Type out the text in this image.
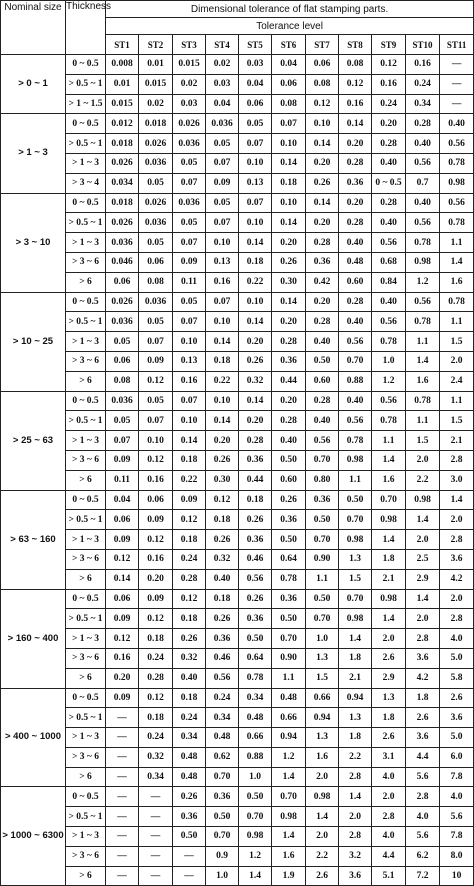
Nominal size	Thickness	Dimensional tolerance of flat stamping parts.										
		Tolerance level										
		ST1	ST2	ST3	ST4	ST5	ST6	ST7	ST8	ST9	ST10	ST11
> 0 ~ 1	0 ~ 0.5	0.008	0.01	0.015	0.02	0.03	0.04	0.06	0.08	0.12	0.16	—
	> 0.5 ~ 1	0.01	0.015	0.02	0.03	0.04	0.06	0.08	0.12	0.16	0.24	—
	> 1 ~ 1.5	0.015	0.02	0.03	0.04	0.06	0.08	0.12	0.16	0.24	0.34	—
> 1 ~ 3	0 ~ 0.5	0.012	0.018	0.026	0.036	0.05	0.07	0.10	0.14	0.20	0.28	0.40
	> 0.5 ~ 1	0.018	0.026	0.036	0.05	0.07	0.10	0.14	0.20	0.28	0.40	0.56
	> 1 ~ 3	0.026	0.036	0.05	0.07	0.10	0.14	0.20	0.28	0.40	0.56	0.78
	> 3 ~ 4	0.034	0.05	0.07	0.09	0.13	0.18	0.26	0.36	0 ~ 0.5	0.7	0.98
> 3 ~ 10	0 ~ 0.5	0.018	0.026	0.036	0.05	0.07	0.10	0.14	0.20	0.28	0.40	0.56
	> 0.5 ~ 1	0.026	0.036	0.05	0.07	0.10	0.14	0.20	0.28	0.40	0.56	0.78
	> 1 ~ 3	0.036	0.05	0.07	0.10	0.14	0.20	0.28	0.40	0.56	0.78	1.1
	> 3 ~ 6	0.046	0.06	0.09	0.13	0.18	0.26	0.36	0.48	0.68	0.98	1.4
	> 6	0.06	0.08	0.11	0.16	0.22	0.30	0.42	0.60	0.84	1.2	1.6
> 10 ~ 25	0 ~ 0.5	0.026	0.036	0.05	0.07	0.10	0.14	0.20	0.28	0.40	0.56	0.78
	> 0.5 ~ 1	0.036	0.05	0.07	0.10	0.14	0.20	0.28	0.40	0.56	0.78	1.1
	> 1 ~ 3	0.05	0.07	0.10	0.14	0.20	0.28	0.40	0.56	0.78	1.1	1.5
	> 3 ~ 6	0.06	0.09	0.13	0.18	0.26	0.36	0.50	0.70	1.0	1.4	2.0
	> 6	0.08	0.12	0.16	0.22	0.32	0.44	0.60	0.88	1.2	1.6	2.4
> 25 ~ 63	0 ~ 0.5	0.036	0.05	0.07	0.10	0.14	0.20	0.28	0.40	0.56	0.78	1.1
	> 0.5 ~ 1	0.05	0.07	0.10	0.14	0.20	0.28	0.40	0.56	0.78	1.1	1.5
	> 1 ~ 3	0.07	0.10	0.14	0.20	0.28	0.40	0.56	0.78	1.1	1.5	2.1
	> 3 ~ 6	0.09	0.12	0.18	0.26	0.36	0.50	0.70	0.98	1.4	2.0	2.8
	> 6	0.11	0.16	0.22	0.30	0.44	0.60	0.80	1.1	1.6	2.2	3.0
> 63 ~ 160	0 ~ 0.5	0.04	0.06	0.09	0.12	0.18	0.26	0.36	0.50	0.70	0.98	1.4
	> 0.5 ~ 1	0.06	0.09	0.12	0.18	0.26	0.36	0.50	0.70	0.98	1.4	2.0
	> 1 ~ 3	0.09	0.12	0.18	0.26	0.36	0.50	0.70	0.98	1.4	2.0	2.8
	> 3 ~ 6	0.12	0.16	0.24	0.32	0.46	0.64	0.90	1.3	1.8	2.5	3.6
	> 6	0.14	0.20	0.28	0.40	0.56	0.78	1.1	1.5	2.1	2.9	4.2
> 160 ~ 400	0 ~ 0.5	0.06	0.09	0.12	0.18	0.26	0.36	0.50	0.70	0.98	1.4	2.0
	> 0.5 ~ 1	0.09	0.12	0.18	0.26	0.36	0.50	0.70	0.98	1.4	2.0	2.8
	> 1 ~ 3	0.12	0.18	0.26	0.36	0.50	0.70	1.0	1.4	2.0	2.8	4.0
	> 3 ~ 6	0.16	0.24	0.32	0.46	0.64	0.90	1.3	1.8	2.6	3.6	5.0
	> 6	0.20	0.28	0.40	0.56	0.78	1.1	1.5	2.1	2.9	4.2	5.8
> 400 ~ 1000	0 ~ 0.5	0.09	0.12	0.18	0.24	0.34	0.48	0.66	0.94	1.3	1.8	2.6
	> 0.5 ~ 1	—	0.18	0.24	0.34	0.48	0.66	0.94	1.3	1.8	2.6	3.6
	> 1 ~ 3	—	0.24	0.34	0.48	0.66	0.94	1.3	1.8	2.6	3.6	5.0
	> 3 ~ 6	—	0.32	0.48	0.62	0.88	1.2	1.6	2.2	3.1	4.4	6.0
	> 6	—	0.34	0.48	0.70	1.0	1.4	2.0	2.8	4.0	5.6	7.8
> 1000 ~ 6300	0 ~ 0.5	—	—	0.26	0.36	0.50	0.70	0.98	1.4	2.0	2.8	4.0
	> 0.5 ~ 1	—	—	0.36	0.50	0.70	0.98	1.4	2.0	2.8	4.0	5.6
	> 1 ~ 3	—	—	0.50	0.70	0.98	1.4	2.0	2.8	4.0	5.6	7.8
	> 3 ~ 6	—	—	—	0.9	1.2	1.6	2.2	3.2	4.4	6.2	8.0
	> 6	—	—	—	1.0	1.4	1.9	2.6	3.6	5.1	7.2	10
